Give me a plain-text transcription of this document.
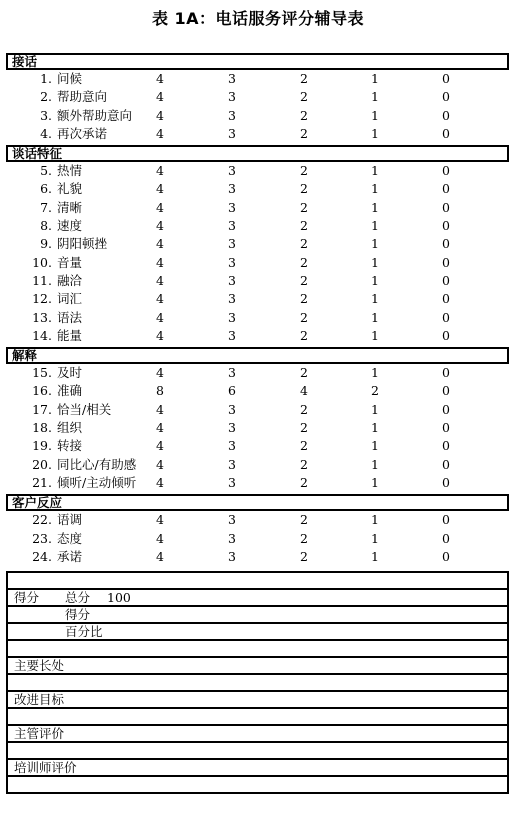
表 1A：电话服务评分辅导表
接话
1. 问候	4	3	2	1	0
2. 帮助意向	4	3	2	1	0
3. 额外帮助意向	4	3	2	1	0
4. 再次承诺	4	3	2	1	0
谈话特征
5. 热情	4	3	2	1	0
6. 礼貌	4	3	2	1	0
7. 清晰	4	3	2	1	0
8. 速度	4	3	2	1	0
9. 阴阳顿挫	4	3	2	1	0
10. 音量	4	3	2	1	0
11. 融洽	4	3	2	1	0
12. 词汇	4	3	2	1	0
13. 语法	4	3	2	1	0
14. 能量	4	3	2	1	0
解释
15. 及时	4	3	2	1	0
16. 准确	8	6	4	2	0
17. 恰当/相关	4	3	2	1	0
18. 组织	4	3	2	1	0
19. 转接	4	3	2	1	0
20. 同比心/有助感	4	3	2	1	0
21. 倾听/主动倾听	4	3	2	1	0
客户反应
22. 语调	4	3	2	1	0
23. 态度	4	3	2	1	0
24. 承诺	4	3	2	1	0
得分 总分 100
得分
百分比
主要长处
改进目标
主管评价
培训师评价
